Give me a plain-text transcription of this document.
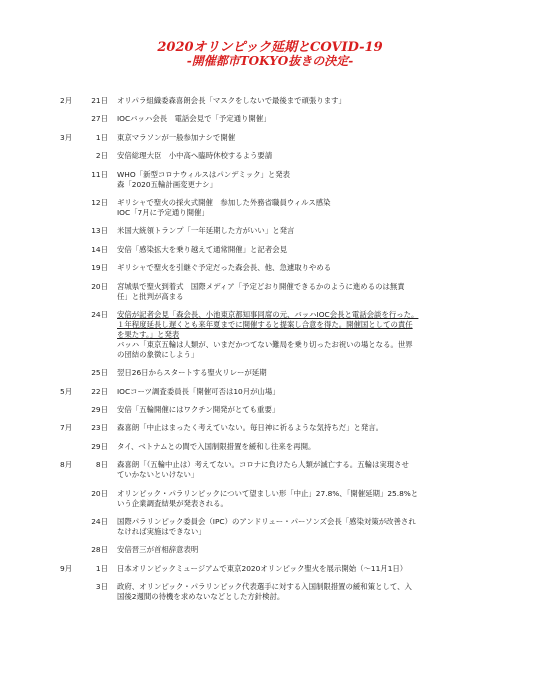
2020オリンピック延期とCOVID-19
-開催都市TOKYO抜きの決定-
2月	21日 オリパラ組織委森喜朗会長「マスクをしないで最後まで頑張ります」
27日 IOCバッハ会長　電話会見で「予定通り開催」
3月	1日 東京マラソンが一般参加ナシで開催
2日 安倍総理大臣　小中高へ臨時休校するよう要請
11日 WHO「新型コロナウィルスはパンデミック」と発表
森「2020五輪計画変更ナシ」
12日 ギリシャで聖火の採火式開催　参加した外務省職員ウィルス感染
IOC「7月に予定通り開催」
13日 米国大統領トランプ「一年延期した方がいい」と発言
14日 安倍「感染拡大を乗り越えて通常開催」と記者会見
19日 ギリシャで聖火を引継ぐ予定だった森会長、他、急遽取りやめる
20日 宮城県で聖火到着式　国際メディア「予定どおり開催できるかのように進めるのは無責
任」と批判が高まる
24日 安倍が記者会見「森会長、小池東京都知事同席の元、バッハIOC会長と電話会談を行った。
１年程度延長し遅くとも来年夏までに開催すると提案し合意を得た。開催国としての責任
を果たす。」と発表
バッハ「東京五輪は人類が、いまだかつてない難局を乗り切ったお祝いの場となる。世界
の団結の象徴にしよう」
25日 翌日26日からスタートする聖火リレーが延期
5月	22日 IOCコーツ調査委員長「開催可否は10月が山場」
29日 安倍「五輪開催にはワクチン開発がとても重要」
7月	23日 森喜朗「中止はまったく考えていない。毎日神に祈るような気持ちだ」と発言。
29日 タイ、ベトナムとの間で入国制限措置を緩和し往来を再開。
8月	8日 森喜朗「（五輪中止は）考えてない。コロナに負けたら人類が滅亡する。五輪は実現させ
ていかないといけない」
20日 オリンピック・パラリンピックについて望ましい形「中止」27.8%、「開催延期」25.8%と
いう企業調査結果が発表される。
24日 国際パラリンピック委員会（IPC）のアンドリュー・パーソンズ会長「感染対策が改善され
なければ実施はできない」
28日 安倍晋三が首相辞意表明
9月	1日 日本オリンピックミュージアムで東京2020オリンピック聖火を展示開始（～11月1日）
3日 政府、オリンピック・パラリンピック代表選手に対する入国制限措置の緩和策として、入
国後2週間の待機を求めないなどとした方針検討。
